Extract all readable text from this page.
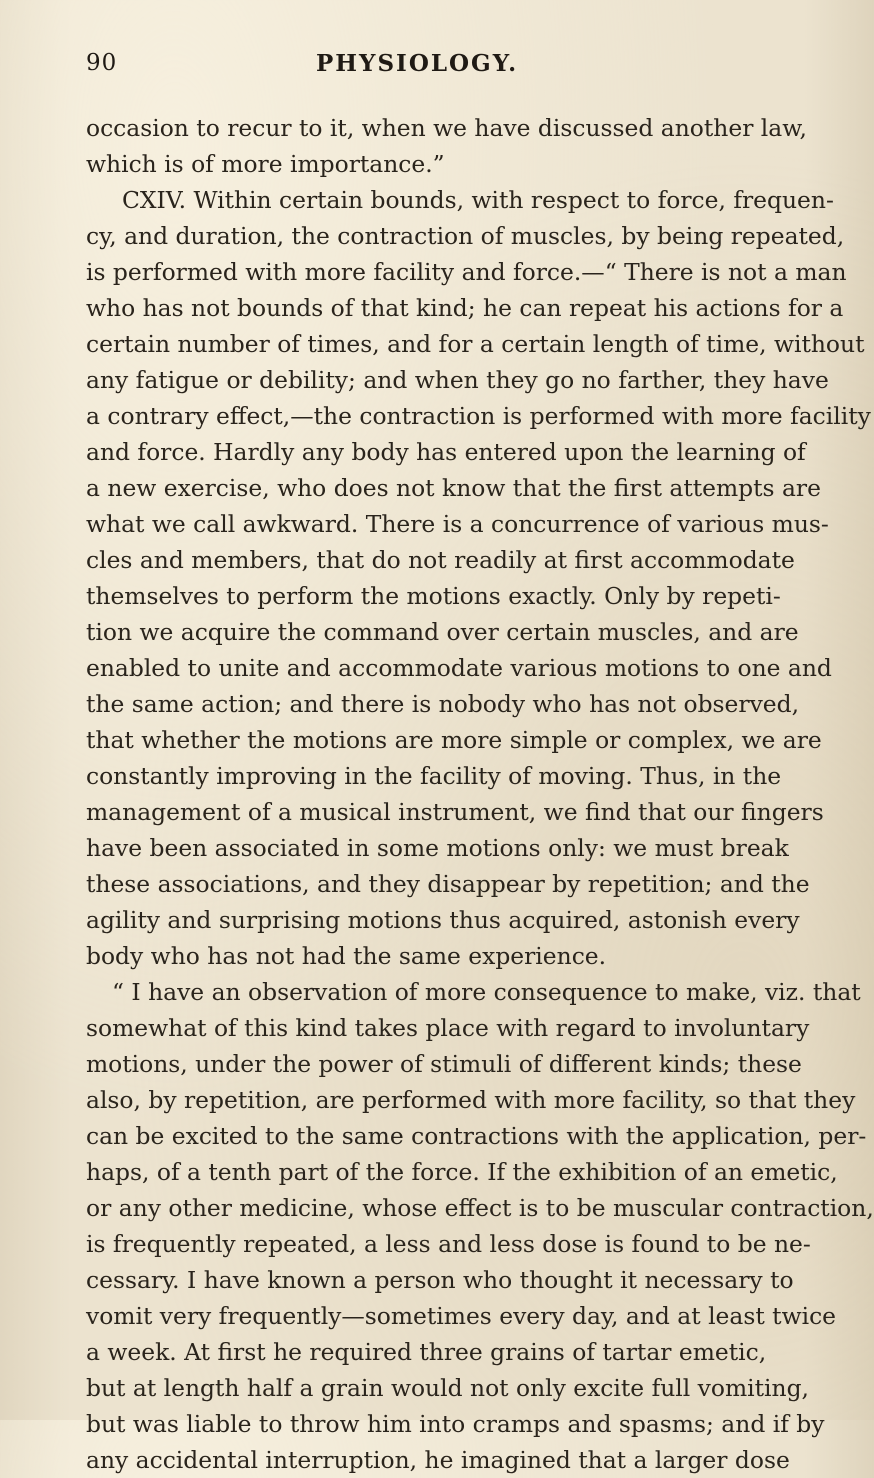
90	PHYSIOLOGY.
occasion to recur to it, when we have discussed another law,
which is of more importance.”
CXIV. Within certain bounds, with respect to force, frequen-
cy, and duration, the contraction of muscles, by being repeated,
is performed with more facility and force.—“ There is not a man
who has not bounds of that kind; he can repeat his actions for a
certain number of times, and for a certain length of time, without
any fatigue or debility; and when they go no farther, they have
a contrary effect,—the contraction is performed with more facility
and force. Hardly any body has entered upon the learning of
a new exercise, who does not know that the first attempts are
what we call awkward. There is a concurrence of various mus-
cles and members, that do not readily at first accommodate
themselves to perform the motions exactly. Only by repeti-
tion we acquire the command over certain muscles, and are
enabled to unite and accommodate various motions to one and
the same action; and there is nobody who has not observed,
that whether the motions are more simple or complex, we are
constantly improving in the facility of moving. Thus, in the
management of a musical instrument, we find that our fingers
have been associated in some motions only: we must break
these associations, and they disappear by repetition; and the
agility and surprising motions thus acquired, astonish every
body who has not had the same experience.
“ I have an observation of more consequence to make, viz. that
somewhat of this kind takes place with regard to involuntary
motions, under the power of stimuli of different kinds; these
also, by repetition, are performed with more facility, so that they
can be excited to the same contractions with the application, per-
haps, of a tenth part of the force. If the exhibition of an emetic,
or any other medicine, whose effect is to be muscular contraction,
is frequently repeated, a less and less dose is found to be ne-
cessary. I have known a person who thought it necessary to
vomit very frequently—sometimes every day, and at least twice
a week. At first he required three grains of tartar emetic,
but at length half a grain would not only excite full vomiting,
but was liable to throw him into cramps and spasms; and if by
any accidental interruption, he imagined that a larger dose
